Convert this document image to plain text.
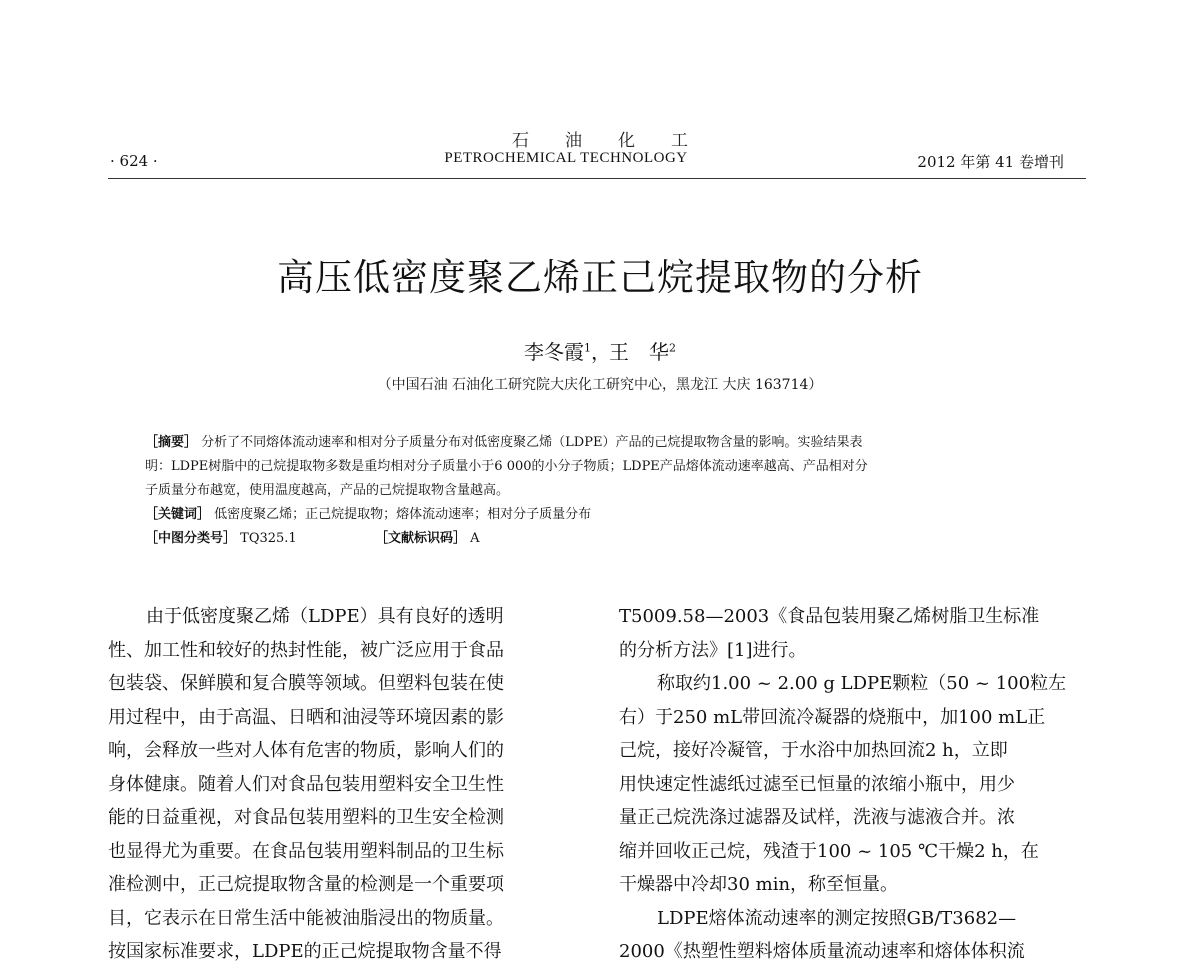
石油化工
· 624 ·	PETROCHEMICAL TECHNOLOGY	2012 年第 41 卷增刊
高压低密度聚乙烯正己烷提取物的分析
李冬霞$^1$，王　华$^2$
（中国石油 石油化工研究院大庆化工研究中心，黑龙江 大庆 163714）
［摘要］ 分析了不同熔体流动速率和相对分子质量分布对低密度聚乙烯（LDPE）产品的己烷提取物含量的影响。实验结果表
明：LDPE树脂中的己烷提取物多数是重均相对分子质量小于6 000的小分子物质；LDPE产品熔体流动速率越高、产品相对分
子质量分布越宽，使用温度越高，产品的己烷提取物含量越高。
［关键词］ 低密度聚乙烯；正己烷提取物；熔体流动速率；相对分子质量分布
［中图分类号］ TQ325.1	［文献标识码］ A
由于低密度聚乙烯（LDPE）具有良好的透明
性、加工性和较好的热封性能，被广泛应用于食品
包装袋、保鲜膜和复合膜等领域。但塑料包装在使
用过程中，由于高温、日晒和油浸等环境因素的影
响，会释放一些对人体有危害的物质，影响人们的
身体健康。随着人们对食品包装用塑料安全卫生性
能的日益重视，对食品包装用塑料的卫生安全检测
也显得尤为重要。在食品包装用塑料制品的卫生标
准检测中，正己烷提取物含量的检测是一个重要项
目，它表示在日常生活中能被油脂浸出的物质量。
按国家标准要求，LDPE的正己烷提取物含量不得
T5009.58—2003《食品包装用聚乙烯树脂卫生标准
的分析方法》[1]进行。
称取约1.00 ~ 2.00 g LDPE颗粒（50 ~ 100粒左
右）于250 mL带回流冷凝器的烧瓶中，加100 mL正
己烷，接好冷凝管，于水浴中加热回流2 h，立即
用快速定性滤纸过滤至已恒量的浓缩小瓶中，用少
量正己烷洗涤过滤器及试样，洗液与滤液合并。浓
缩并回收正己烷，残渣于100 ~ 105 ℃干燥2 h，在
干燥器中冷却30 min，称至恒量。
LDPE熔体流动速率的测定按照GB/T3682—
2000《热塑性塑料熔体质量流动速率和熔体体积流
